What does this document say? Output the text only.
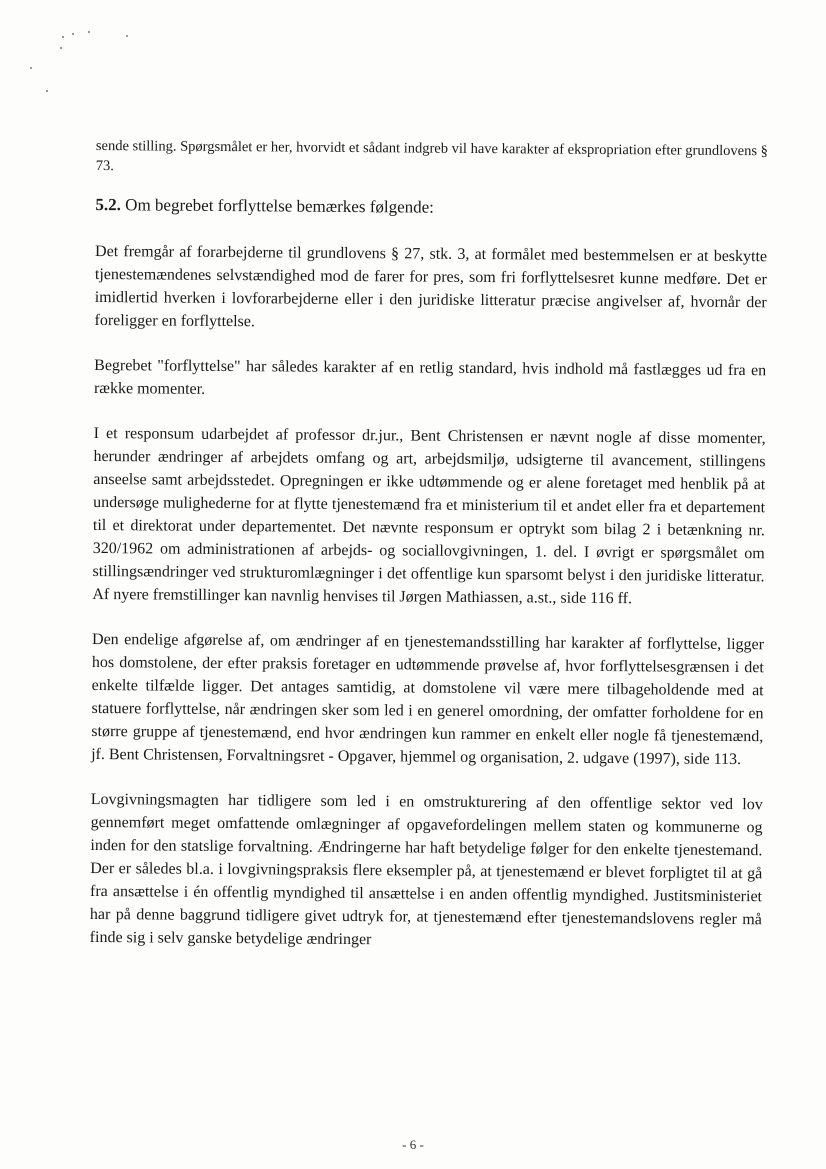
sende stilling. Spørgsmålet er her, hvorvidt et sådant indgreb vil have karakter af ekspropriation efter grundlovens § 73.

5.2. Om begrebet forflyttelse bemærkes følgende:

Det fremgår af forarbejderne til grundlovens § 27, stk. 3, at formålet med bestemmelsen er at beskytte tjenestemændenes selvstændighed mod de farer for pres, som fri forflyttelsesret kunne medføre. Det er imidlertid hverken i lovforarbejderne eller i den juridiske litteratur præcise angivelser af, hvornår der foreligger en forflyttelse.

Begrebet "forflyttelse" har således karakter af en retlig standard, hvis indhold må fastlægges ud fra en række momenter.

I et responsum udarbejdet af professor dr.jur., Bent Christensen er nævnt nogle af disse momenter, herunder ændringer af arbejdets omfang og art, arbejdsmiljø, udsigterne til avancement, stillingens anseelse samt arbejdsstedet. Opregningen er ikke udtømmende og er alene foretaget med henblik på at undersøge mulighederne for at flytte tjenestemænd fra et ministerium til et andet eller fra et departement til et direktorat under departementet. Det nævnte responsum er optrykt som bilag 2 i betænkning nr. 320/1962 om administrationen af arbejds- og sociallovgivningen, 1. del. I øvrigt er spørgsmålet om stillingsændringer ved strukturomlægninger i det offentlige kun sparsomt belyst i den juridiske litteratur. Af nyere fremstillinger kan navnlig henvises til Jørgen Mathiassen, a.st., side 116 ff.

Den endelige afgørelse af, om ændringer af en tjenestemandsstilling har karakter af forflyttelse, ligger hos domstolene, der efter praksis foretager en udtømmende prøvelse af, hvor forflyttelsesgrænsen i det enkelte tilfælde ligger. Det antages samtidig, at domstolene vil være mere tilbageholdende med at statuere forflyttelse, når ændringen sker som led i en generel omordning, der omfatter forholdene for en større gruppe af tjenestemænd, end hvor ændringen kun rammer en enkelt eller nogle få tjenestemænd, jf. Bent Christensen, Forvaltningsret - Opgaver, hjemmel og organisation, 2. udgave (1997), side 113.

Lovgivningsmagten har tidligere som led i en omstrukturering af den offentlige sektor ved lov gennemført meget omfattende omlægninger af opgavefordelingen mellem staten og kommunerne og inden for den statslige forvaltning. Ændringerne har haft betydelige følger for den enkelte tjenestemand. Der er således bl.a. i lovgivningspraksis flere eksempler på, at tjenestemænd er blevet forpligtet til at gå fra ansættelse i én offentlig myndighed til ansættelse i en anden offentlig myndighed. Justitsministeriet har på denne baggrund tidligere givet udtryk for, at tjenestemænd efter tjenestemandslovens regler må finde sig i selv ganske betydelige ændringer

- 6 -
